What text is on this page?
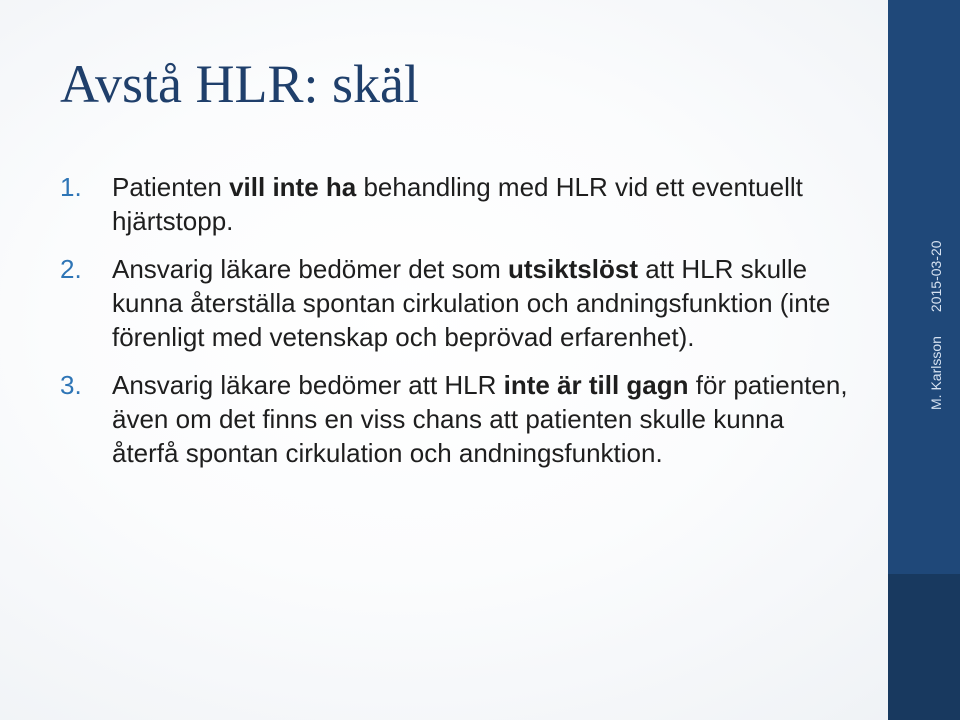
Avstå HLR: skäl
1. Patienten vill inte ha behandling med HLR vid ett eventuellt hjärtstopp.
2. Ansvarig läkare bedömer det som utsiktslöst att HLR skulle kunna återställa spontan cirkulation och andningsfunktion (inte förenligt med vetenskap och beprövad erfarenhet).
3. Ansvarig läkare bedömer att HLR inte är till gagn för patienten, även om det finns en viss chans att patienten skulle kunna återfå spontan cirkulation och andningsfunktion.
M. Karlsson2015-03-20
